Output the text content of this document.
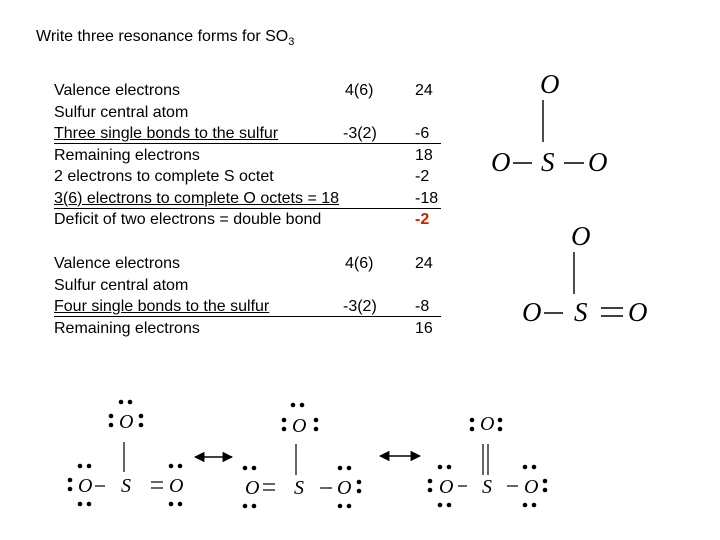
Write three resonance forms for $SO_3$
Valence electrons	4(6)	24
Sulfur central atom
Three single bonds to the sulfur	-3(2) -6
Remaining electrons	18
2 electrons to complete S octet	-2
3(6) electrons to complete O octets = 18	-18
Deficit of two electrons = double bond	-2
Valence electrons	4(6)	24
Sulfur central atom
Four single bonds to the sulfur	-3(2) -8
Remaining electrons	16
O
O S O
O
O S O
O
O S O
O
O S O
O
O S O
